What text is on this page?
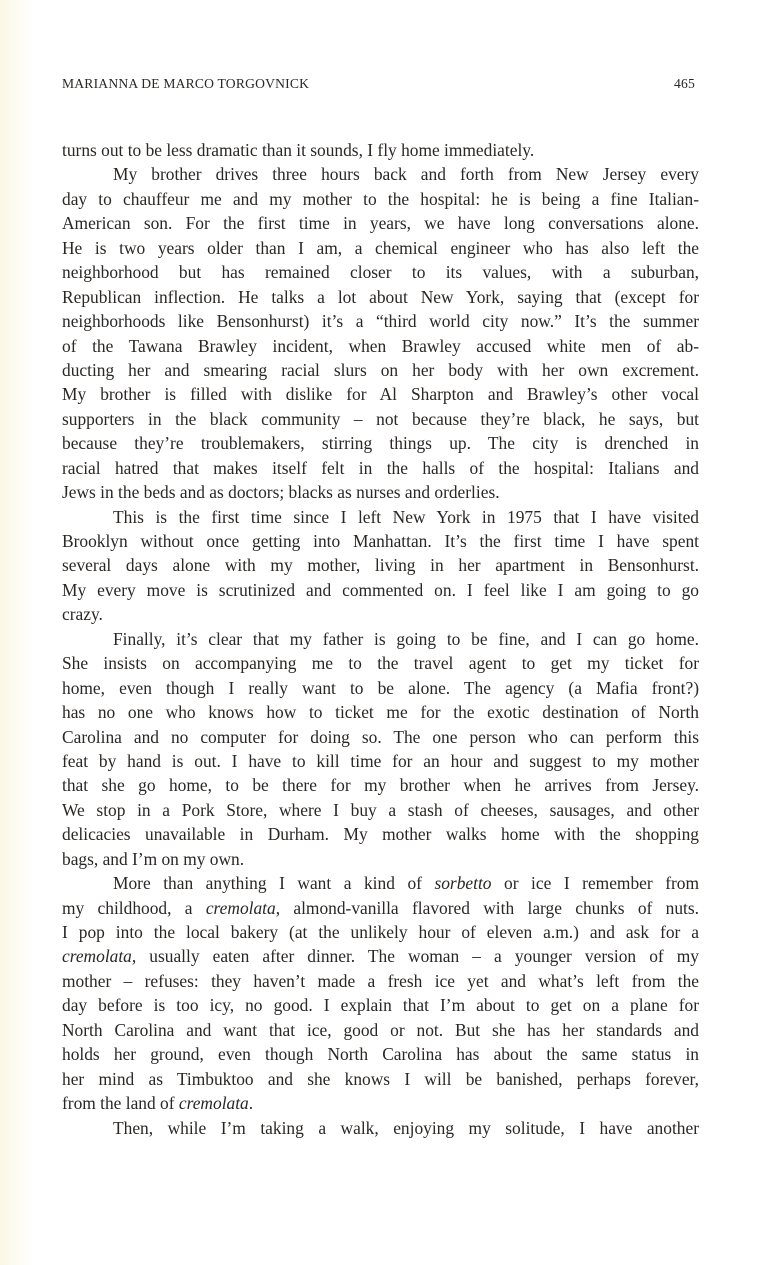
MARIANNA DE MARCO TORGOVNICK	465
turns out to be less dramatic than it sounds, I fly home immediately.
My brother drives three hours back and forth from New Jersey every
day to chauffeur me and my mother to the hospital: he is being a fine Italian-
American son. For the first time in years, we have long conversations alone.
He is two years older than I am, a chemical engineer who has also left the
neighborhood but has remained closer to its values, with a suburban,
Republican inflection. He talks a lot about New York, saying that (except for
neighborhoods like Bensonhurst) it’s a “third world city now.” It’s the summer
of the Tawana Brawley incident, when Brawley accused white men of ab-
ducting her and smearing racial slurs on her body with her own excrement.
My brother is filled with dislike for Al Sharpton and Brawley’s other vocal
supporters in the black community – not because they’re black, he says, but
because they’re troublemakers, stirring things up. The city is drenched in
racial hatred that makes itself felt in the halls of the hospital: Italians and
Jews in the beds and as doctors; blacks as nurses and orderlies.
This is the first time since I left New York in 1975 that I have visited
Brooklyn without once getting into Manhattan. It’s the first time I have spent
several days alone with my mother, living in her apartment in Bensonhurst.
My every move is scrutinized and commented on. I feel like I am going to go
crazy.
Finally, it’s clear that my father is going to be fine, and I can go home.
She insists on accompanying me to the travel agent to get my ticket for
home, even though I really want to be alone. The agency (a Mafia front?)
has no one who knows how to ticket me for the exotic destination of North
Carolina and no computer for doing so. The one person who can perform this
feat by hand is out. I have to kill time for an hour and suggest to my mother
that she go home, to be there for my brother when he arrives from Jersey.
We stop in a Pork Store, where I buy a stash of cheeses, sausages, and other
delicacies unavailable in Durham. My mother walks home with the shopping
bags, and I’m on my own.
More than anything I want a kind of sorbetto or ice I remember from
my childhood, a cremolata, almond-vanilla flavored with large chunks of nuts.
I pop into the local bakery (at the unlikely hour of eleven a.m.) and ask for a
cremolata, usually eaten after dinner. The woman – a younger version of my
mother – refuses: they haven’t made a fresh ice yet and what’s left from the
day before is too icy, no good. I explain that I’m about to get on a plane for
North Carolina and want that ice, good or not. But she has her standards and
holds her ground, even though North Carolina has about the same status in
her mind as Timbuktoo and she knows I will be banished, perhaps forever,
from the land of cremolata.
Then, while I’m taking a walk, enjoying my solitude, I have another
